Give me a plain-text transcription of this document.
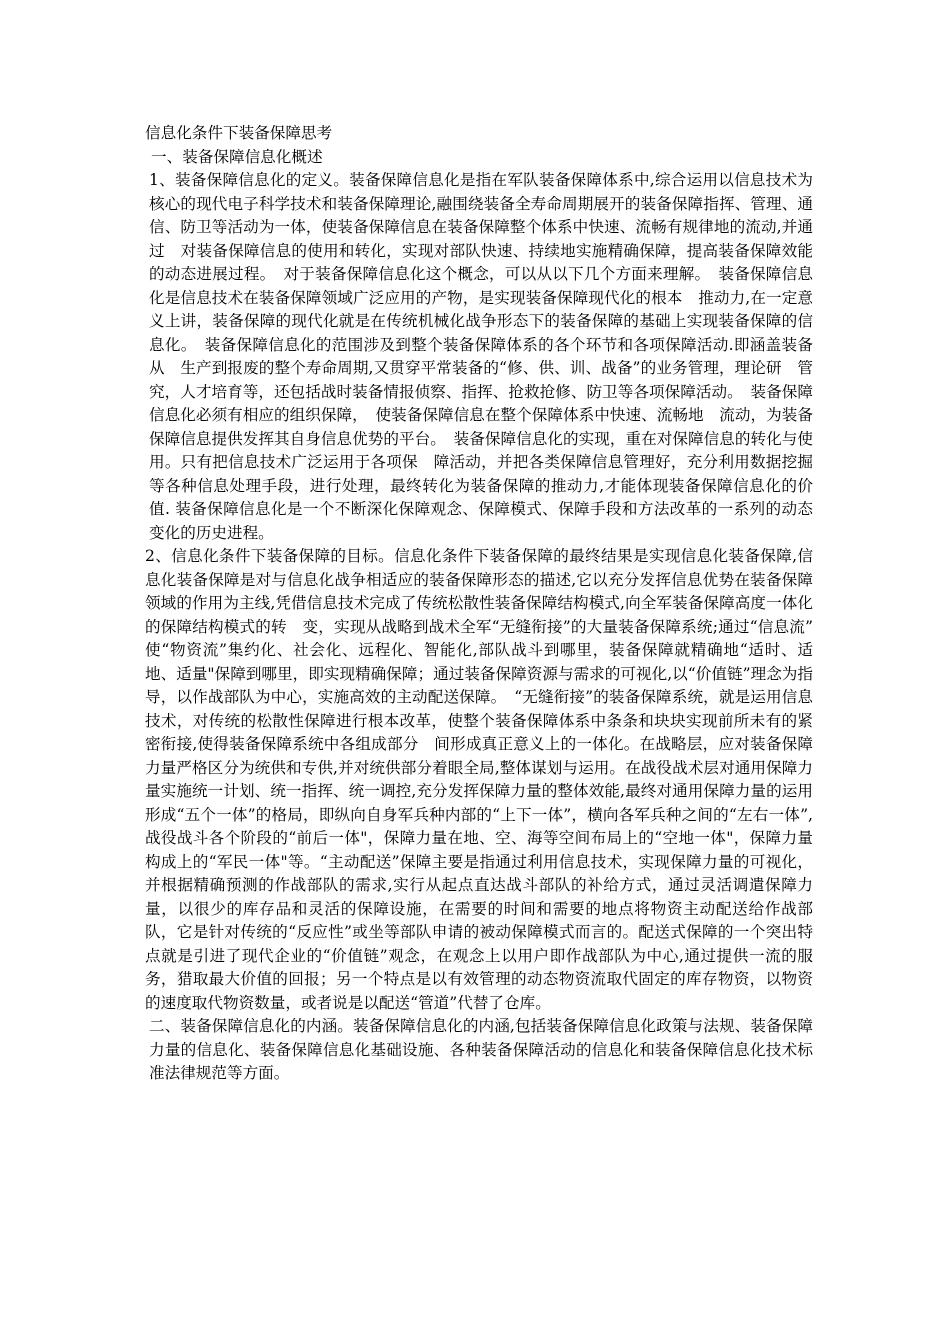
信息化条件下装备保障思考

一、装备保障信息化概述

1、装备保障信息化的定义。装备保障信息化是指在军队装备保障体系中,综合运用以信息技术为核心的现代电子科学技术和装备保障理论,融围绕装备全寿命周期展开的装备保障指挥、管理、通信、防卫等活动为一体，使装备保障信息在装备保障整个体系中快速、流畅有规律地的流动,并通过　对装备保障信息的使用和转化，实现对部队快速、持续地实施精确保障，提高装备保障效能的动态进展过程。　对于装备保障信息化这个概念，可以从以下几个方面来理解。　装备保障信息化是信息技术在装备保障领域广泛应用的产物，是实现装备保障现代化的根本　推动力,在一定意义上讲，装备保障的现代化就是在传统机械化战争形态下的装备保障的基础上实现装备保障的信息化。　装备保障信息化的范围涉及到整个装备保障体系的各个环节和各项保障活动.即涵盖装备从　生产到报废的整个寿命周期,又贯穿平常装备的“修、供、训、战备”的业务管理，理论研　管究，人才培育等，还包括战时装备情报侦察、指挥、抢救抢修、防卫等各项保障活动。　装备保障信息化必须有相应的组织保障，　使装备保障信息在整个保障体系中快速、流畅地　流动，为装备保障信息提供发挥其自身信息优势的平台。　装备保障信息化的实现，重在对保障信息的转化与使用。只有把信息技术广泛运用于各项保　障活动，并把各类保障信息管理好，充分利用数据挖掘等各种信息处理手段，进行处理，最终转化为装备保障的推动力,才能体现装备保障信息化的价值. 装备保障信息化是一个不断深化保障观念、保障模式、保障手段和方法改革的一系列的动态变化的历史进程。

2、信息化条件下装备保障的目标。信息化条件下装备保障的最终结果是实现信息化装备保障,信息化装备保障是对与信息化战争相适应的装备保障形态的描述,它以充分发挥信息优势在装备保障领域的作用为主线,凭借信息技术完成了传统松散性装备保障结构模式,向全军装备保障高度一体化的保障结构模式的转　变，实现从战略到战术全军“无缝衔接”的大量装备保障系统;通过“信息流”　使“物资流”集约化、社会化、远程化、智能化,部队战斗到哪里，装备保障就精确地“适时、适地、适量"保障到哪里，即实现精确保障；通过装备保障资源与需求的可视化,以“价值链”理念为指导，以作战部队为中心，实施高效的主动配送保障。　“无缝衔接”的装备保障系统，就是运用信息技术，对传统的松散性保障进行根本改革，使整个装备保障体系中条条和块块实现前所未有的紧密衔接,使得装备保障系统中各组成部分　间形成真正意义上的一体化。在战略层，应对装备保障力量严格区分为统供和专供,并对统供部分着眼全局,整体谋划与运用。在战役战术层对通用保障力量实施统一计划、统一指挥、统一调控,充分发挥保障力量的整体效能,最终对通用保障力量的运用形成“五个一体”的格局，即纵向自身军兵种内部的“上下一体”，横向各军兵种之间的“左右一体”,战役战斗各个阶段的“前后一体"，保障力量在地、空、海等空间布局上的“空地一体"，保障力量构成上的“军民一体"等。“主动配送”保障主要是指通过利用信息技术，实现保障力量的可视化，并根据精确预测的作战部队的需求,实行从起点直达战斗部队的补给方式，通过灵活调遣保障力量，以很少的库存品和灵活的保障设施，在需要的时间和需要的地点将物资主动配送给作战部队，它是针对传统的“反应性”或坐等部队申请的被动保障模式而言的。配送式保障的一个突出特点就是引进了现代企业的“价值链”观念，在观念上以用户即作战部队为中心,通过提供一流的服务，猎取最大价值的回报；另一个特点是以有效管理的动态物资流取代固定的库存物资，以物资的速度取代物资数量，或者说是以配送“管道”代替了仓库。

二、装备保障信息化的内涵。装备保障信息化的内涵,包括装备保障信息化政策与法规、装备保障力量的信息化、装备保障信息化基础设施、各种装备保障活动的信息化和装备保障信息化技术标准法律规范等方面。
